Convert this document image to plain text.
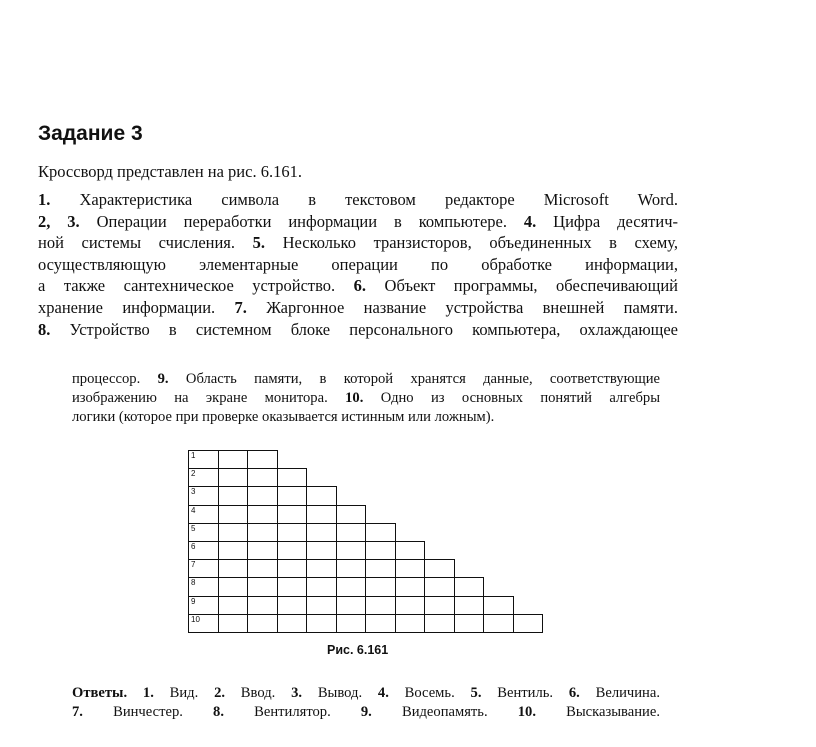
Задание 3
Кроссворд представлен на рис. 6.161.
1. Характеристика символа в текстовом редакторе Microsoft Word.
2, 3. Операции переработки информации в компьютере. 4. Цифра десятич-
ной системы счисления. 5. Несколько транзисторов, объединенных в схему,
осуществляющую элементарные операции по обработке информации,
а также сантехническое устройство. 6. Объект программы, обеспечивающий
хранение информации. 7. Жаргонное название устройства внешней памяти.
8. Устройство в системном блоке персонального компьютера, охлаждающее
процессор. 9. Область памяти, в которой хранятся данные, соответствующие
изображению на экране монитора. 10. Одно из основных понятий алгебры
логики (которое при проверке оказывается истинным или ложным).
1
2
3
4
5
6
7
8
9
10
Рис. 6.161
Ответы. 1. Вид. 2. Ввод. 3. Вывод. 4. Восемь. 5. Вентиль. 6. Величина.
7. Винчестер. 8. Вентилятор. 9. Видеопамять. 10. Высказывание.
